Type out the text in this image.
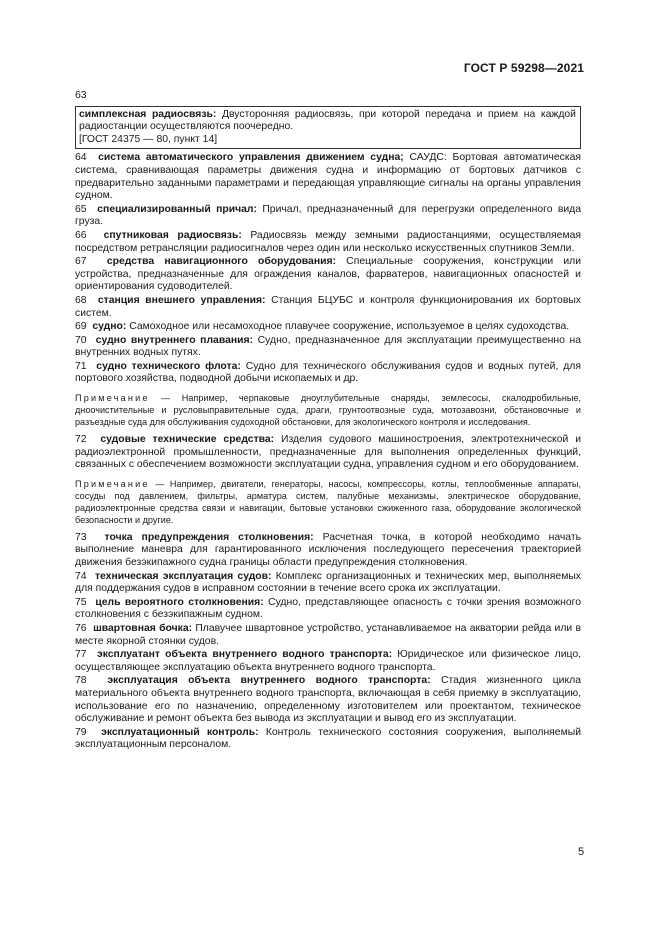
ГОСТ Р 59298—2021
63

симплексная радиосвязь: Двусторонняя радиосвязь, при которой передача и прием на каждой радиостанции осуществляются поочередно.

[ГОСТ 24375 — 80, пункт 14]

64 система автоматического управления движением судна; САУДС: Бортовая автоматическая система, сравнивающая параметры движения судна и информацию от бортовых датчиков с предварительно заданными параметрами и передающая управляющие сигналы на органы управления судном.
65 специализированный причал: Причал, предназначенный для перегрузки определенного вида груза.
66 спутниковая радиосвязь: Радиосвязь между земными радиостанциями, осуществляемая посредством ретрансляции радиосигналов через один или несколько искусственных спутников Земли.
67 средства навигационного оборудования: Специальные сооружения, конструкции или устройства, предназначенные для ограждения каналов, фарватеров, навигационных опасностей и ориентирования судоводителей.
68 станция внешнего управления: Станция БЦУБС и контроля функционирования их бортовых систем.
69 судно: Самоходное или несамоходное плавучее сооружение, используемое в целях судоходства.
70 судно внутреннего плавания: Судно, предназначенное для эксплуатации преимущественно на внутренних водных путях.
71 судно технического флота: Судно для технического обслуживания судов и водных путей, для портового хозяйства, подводной добычи ископаемых и др.
Примечание — Например, черпаковые дноуглубительные снаряды, землесосы, скалодробильные, дноочистительные и русловыправительные суда, драги, грунтоотвозные суда, мотозавозни, обстановочные и разъездные суда для обслуживания судоходной обстановки, для экологического контроля и исследования.
72 судовые технические средства: Изделия судового машиностроения, электротехнической и радиоэлектронной промышленности, предназначенные для выполнения определенных функций, связанных с обеспечением возможности эксплуатации судна, управления судном и его оборудованием.
Примечание — Например, двигатели, генераторы, насосы, компрессоры, котлы, теплообменные аппараты, сосуды под давлением, фильтры, арматура систем, палубные механизмы, электрическое оборудование, радиоэлектронные средства связи и навигации, бытовые установки сжиженного газа, оборудование экологической безопасности и другие.
73 точка предупреждения столкновения: Расчетная точка, в которой необходимо начать выполнение маневра для гарантированного исключения последующего пересечения траекторией движения безэкипажного судна границы области предупреждения столкновения.
74 техническая эксплуатация судов: Комплекс организационных и технических мер, выполняемых для поддержания судов в исправном состоянии в течение всего срока их эксплуатации.
75 цель вероятного столкновения: Судно, представляющее опасность с точки зрения возможного столкновения с безэкипажным судном.
76 швартовная бочка: Плавучее швартовное устройство, устанавливаемое на акватории рейда или в месте якорной стоянки судов.
77 эксплуатант объекта внутреннего водного транспорта: Юридическое или физическое лицо, осуществляющее эксплуатацию объекта внутреннего водного транспорта.
78 эксплуатация объекта внутреннего водного транспорта: Стадия жизненного цикла материального объекта внутреннего водного транспорта, включающая в себя приемку в эксплуатацию, использование его по назначению, определенному изготовителем или проектантом, техническое обслуживание и ремонт объекта без вывода из эксплуатации и вывод его из эксплуатации.
79 эксплуатационный контроль: Контроль технического состояния сооружения, выполняемый эксплуатационным персоналом.
5
